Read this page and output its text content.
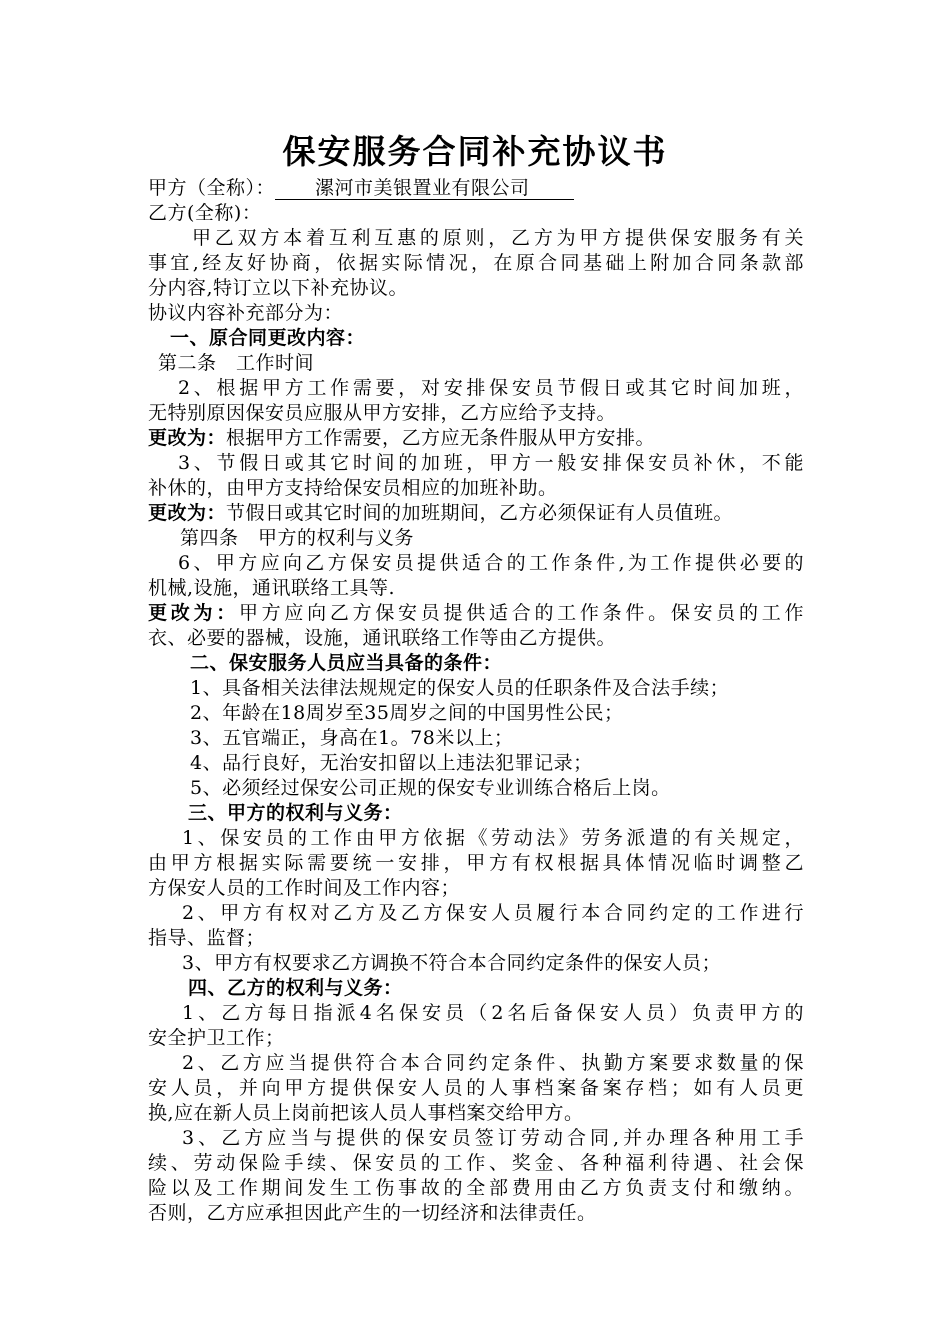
保安服务合同补充协议书
甲方（全称）： 漯河市美银置业有限公司
乙方(全称)：
甲乙双方本着互利互惠的原则，乙方为甲方提供保安服务有关
事宜,经友好协商，依据实际情况，在原合同基础上附加合同条款部
分内容,特订立以下补充协议。
协议内容补充部分为：
一、原合同更改内容：
第二条　工作时间
2、根据甲方工作需要，对安排保安员节假日或其它时间加班，
无特别原因保安员应服从甲方安排，乙方应给予支持。
更改为：根据甲方工作需要，乙方应无条件服从甲方安排。
3、节假日或其它时间的加班，甲方一般安排保安员补休，不能
补休的，由甲方支持给保安员相应的加班补助。
更改为：节假日或其它时间的加班期间，乙方必须保证有人员值班。
第四条　甲方的权利与义务
6、甲方应向乙方保安员提供适合的工作条件,为工作提供必要的
机械,设施，通讯联络工具等.
更改为：甲方应向乙方保安员提供适合的工作条件。保安员的工作
衣、必要的器械，设施，通讯联络工作等由乙方提供。
二、保安服务人员应当具备的条件：
1、具备相关法律法规规定的保安人员的任职条件及合法手续；
2、年龄在18周岁至35周岁之间的中国男性公民；
3、五官端正，身高在1。78米以上；
4、品行良好，无治安扣留以上违法犯罪记录；
5、必须经过保安公司正规的保安专业训练合格后上岗。
三、甲方的权利与义务：
1、保安员的工作由甲方依据《劳动法》劳务派遣的有关规定，
由甲方根据实际需要统一安排，甲方有权根据具体情况临时调整乙
方保安人员的工作时间及工作内容；
2、甲方有权对乙方及乙方保安人员履行本合同约定的工作进行
指导、监督；
3、甲方有权要求乙方调换不符合本合同约定条件的保安人员；
四、乙方的权利与义务：
1、乙方每日指派4名保安员（2名后备保安人员）负责甲方的
安全护卫工作；
2、乙方应当提供符合本合同约定条件、执勤方案要求数量的保
安人员，并向甲方提供保安人员的人事档案备案存档；如有人员更
换,应在新人员上岗前把该人员人事档案交给甲方。
3、乙方应当与提供的保安员签订劳动合同,并办理各种用工手
续、劳动保险手续、保安员的工作、奖金、各种福利待遇、社会保
险以及工作期间发生工伤事故的全部费用由乙方负责支付和缴纳。
否则，乙方应承担因此产生的一切经济和法律责任。
